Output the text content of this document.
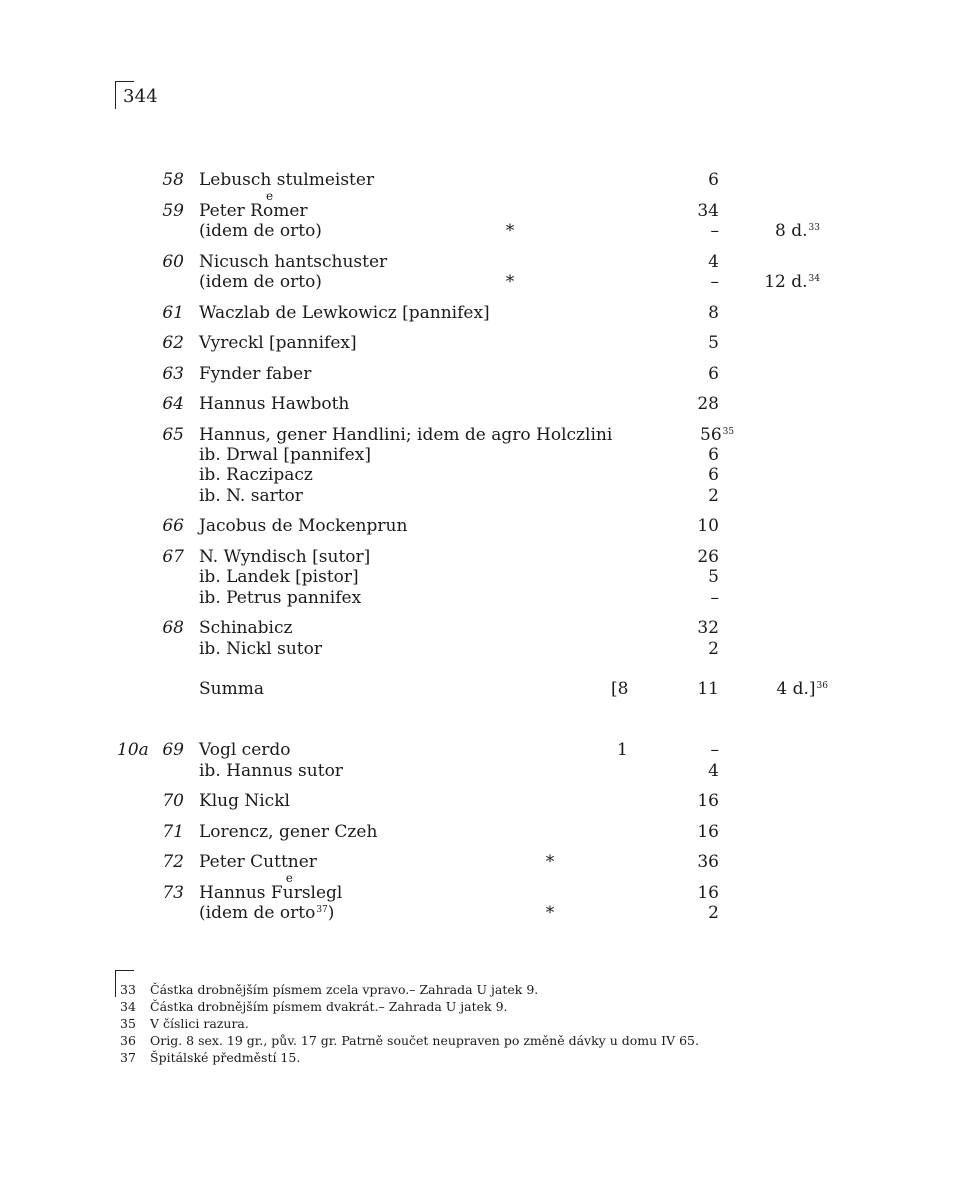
344
58 Lebusch stulmeister	6
59 Peter Re omer	34
(idem de orto)	*	–	8 d.$^{33}$
60 Nicusch hantschuster	4
(idem de orto)	*	–	12 d.$^{34}$
61 Waczlab de Lewkowicz [pannifex]	8
62 Vyreckl [pannifex]	5
63 Fynder faber	6
64 Hannus Hawboth	28
65 Hannus, gener Handlini; idem de agro Holczlini	$56^{35}$
ib. Drwal [pannifex]	6
ib. Raczipacz	6
ib. N. sartor	2
66 Jacobus de Mockenprun	10
67 N. Wyndisch [sutor]	26
ib. Landek [pistor]	5
ib. Petrus pannifex	–
68 Schinabicz	32
ib. Nickl sutor	2
Summa	[8	11	4 d.]$^{36}$
10a 69 Vogl cerdo	1	–
ib. Hannus sutor	4
70 Klug Nickl	16
71 Lorencz, gener Czeh	16
72 Peter Cuttner	*	36
73 Hannus Fe urslegl	16
(idem de orto$^{37}$)	*	2
33 Částka drobnějším písmem zcela vpravo.– Zahrada U jatek 9.
34 Částka drobnějším písmem dvakrát.– Zahrada U jatek 9.
35 V číslici razura.
36 Orig. 8 sex. 19 gr., pův. 17 gr. Patrně součet neupraven po změně dávky u domu IV 65.
37 Špitálské předměstí 15.
